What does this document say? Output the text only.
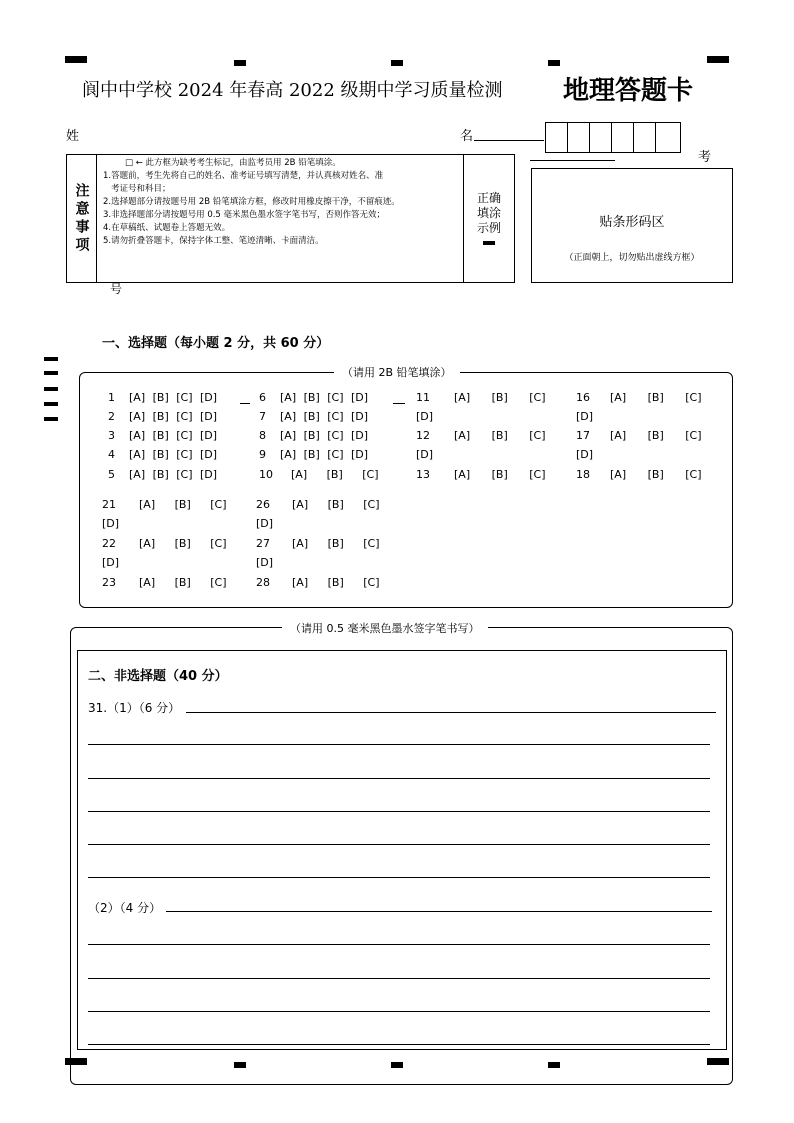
阆中中学校 2024 年春高 2022 级期中学习质量检测 地理答题卡
姓	名
考
号
注意事项
□ ← 此方框为缺考考生标记，由监考员用 2B 铅笔填涂。
1.答题前，考生先将自己的姓名、准考证号填写清楚，并认真核对姓名、准
考证号和科目；
2.选择题部分请按题号用 2B 铅笔填涂方框，修改时用橡皮擦干净，不留痕迹。
3.非选择题部分请按题号用 0.5 毫米黑色墨水签字笔书写，否则作答无效；
4.在草稿纸、试题卷上答题无效。
5.请勿折叠答题卡，保持字体工整、笔迹清晰、卡面清洁。
正确
填涂
示例	贴条形码区
（正面朝上，切勿贴出虚线方框）
一、选择题（每小题 2 分，共 60 分）
（请用 2B 铅笔填涂）
1 [A] [B] [C] [D]
2 [A] [B] [C] [D]
3 [A] [B] [C] [D]
4 [A] [B] [C] [D]
5 [A] [B] [C] [D]
6 [A] [B] [C] [D]
7 [A] [B] [C] [D]
8 [A] [B] [C] [D]
9 [A] [B] [C] [D]
10 [A] [B] [C]
11 [A] [B] [C]
[D]
12 [A] [B] [C]
[D]
13 [A] [B] [C]
16 [A] [B] [C]
[D]
17 [A] [B] [C]
[D]
18 [A] [B] [C]
21 [A] [B] [C]
[D]
22 [A] [B] [C]
[D]
23 [A] [B] [C]
26 [A] [B] [C]
[D]
27 [A] [B] [C]
[D]
28 [A] [B] [C]
（请用 0.5 毫米黑色墨水签字笔书写）
二、非选择题（40 分）
31.（1）（6 分）
（2）（4 分）
